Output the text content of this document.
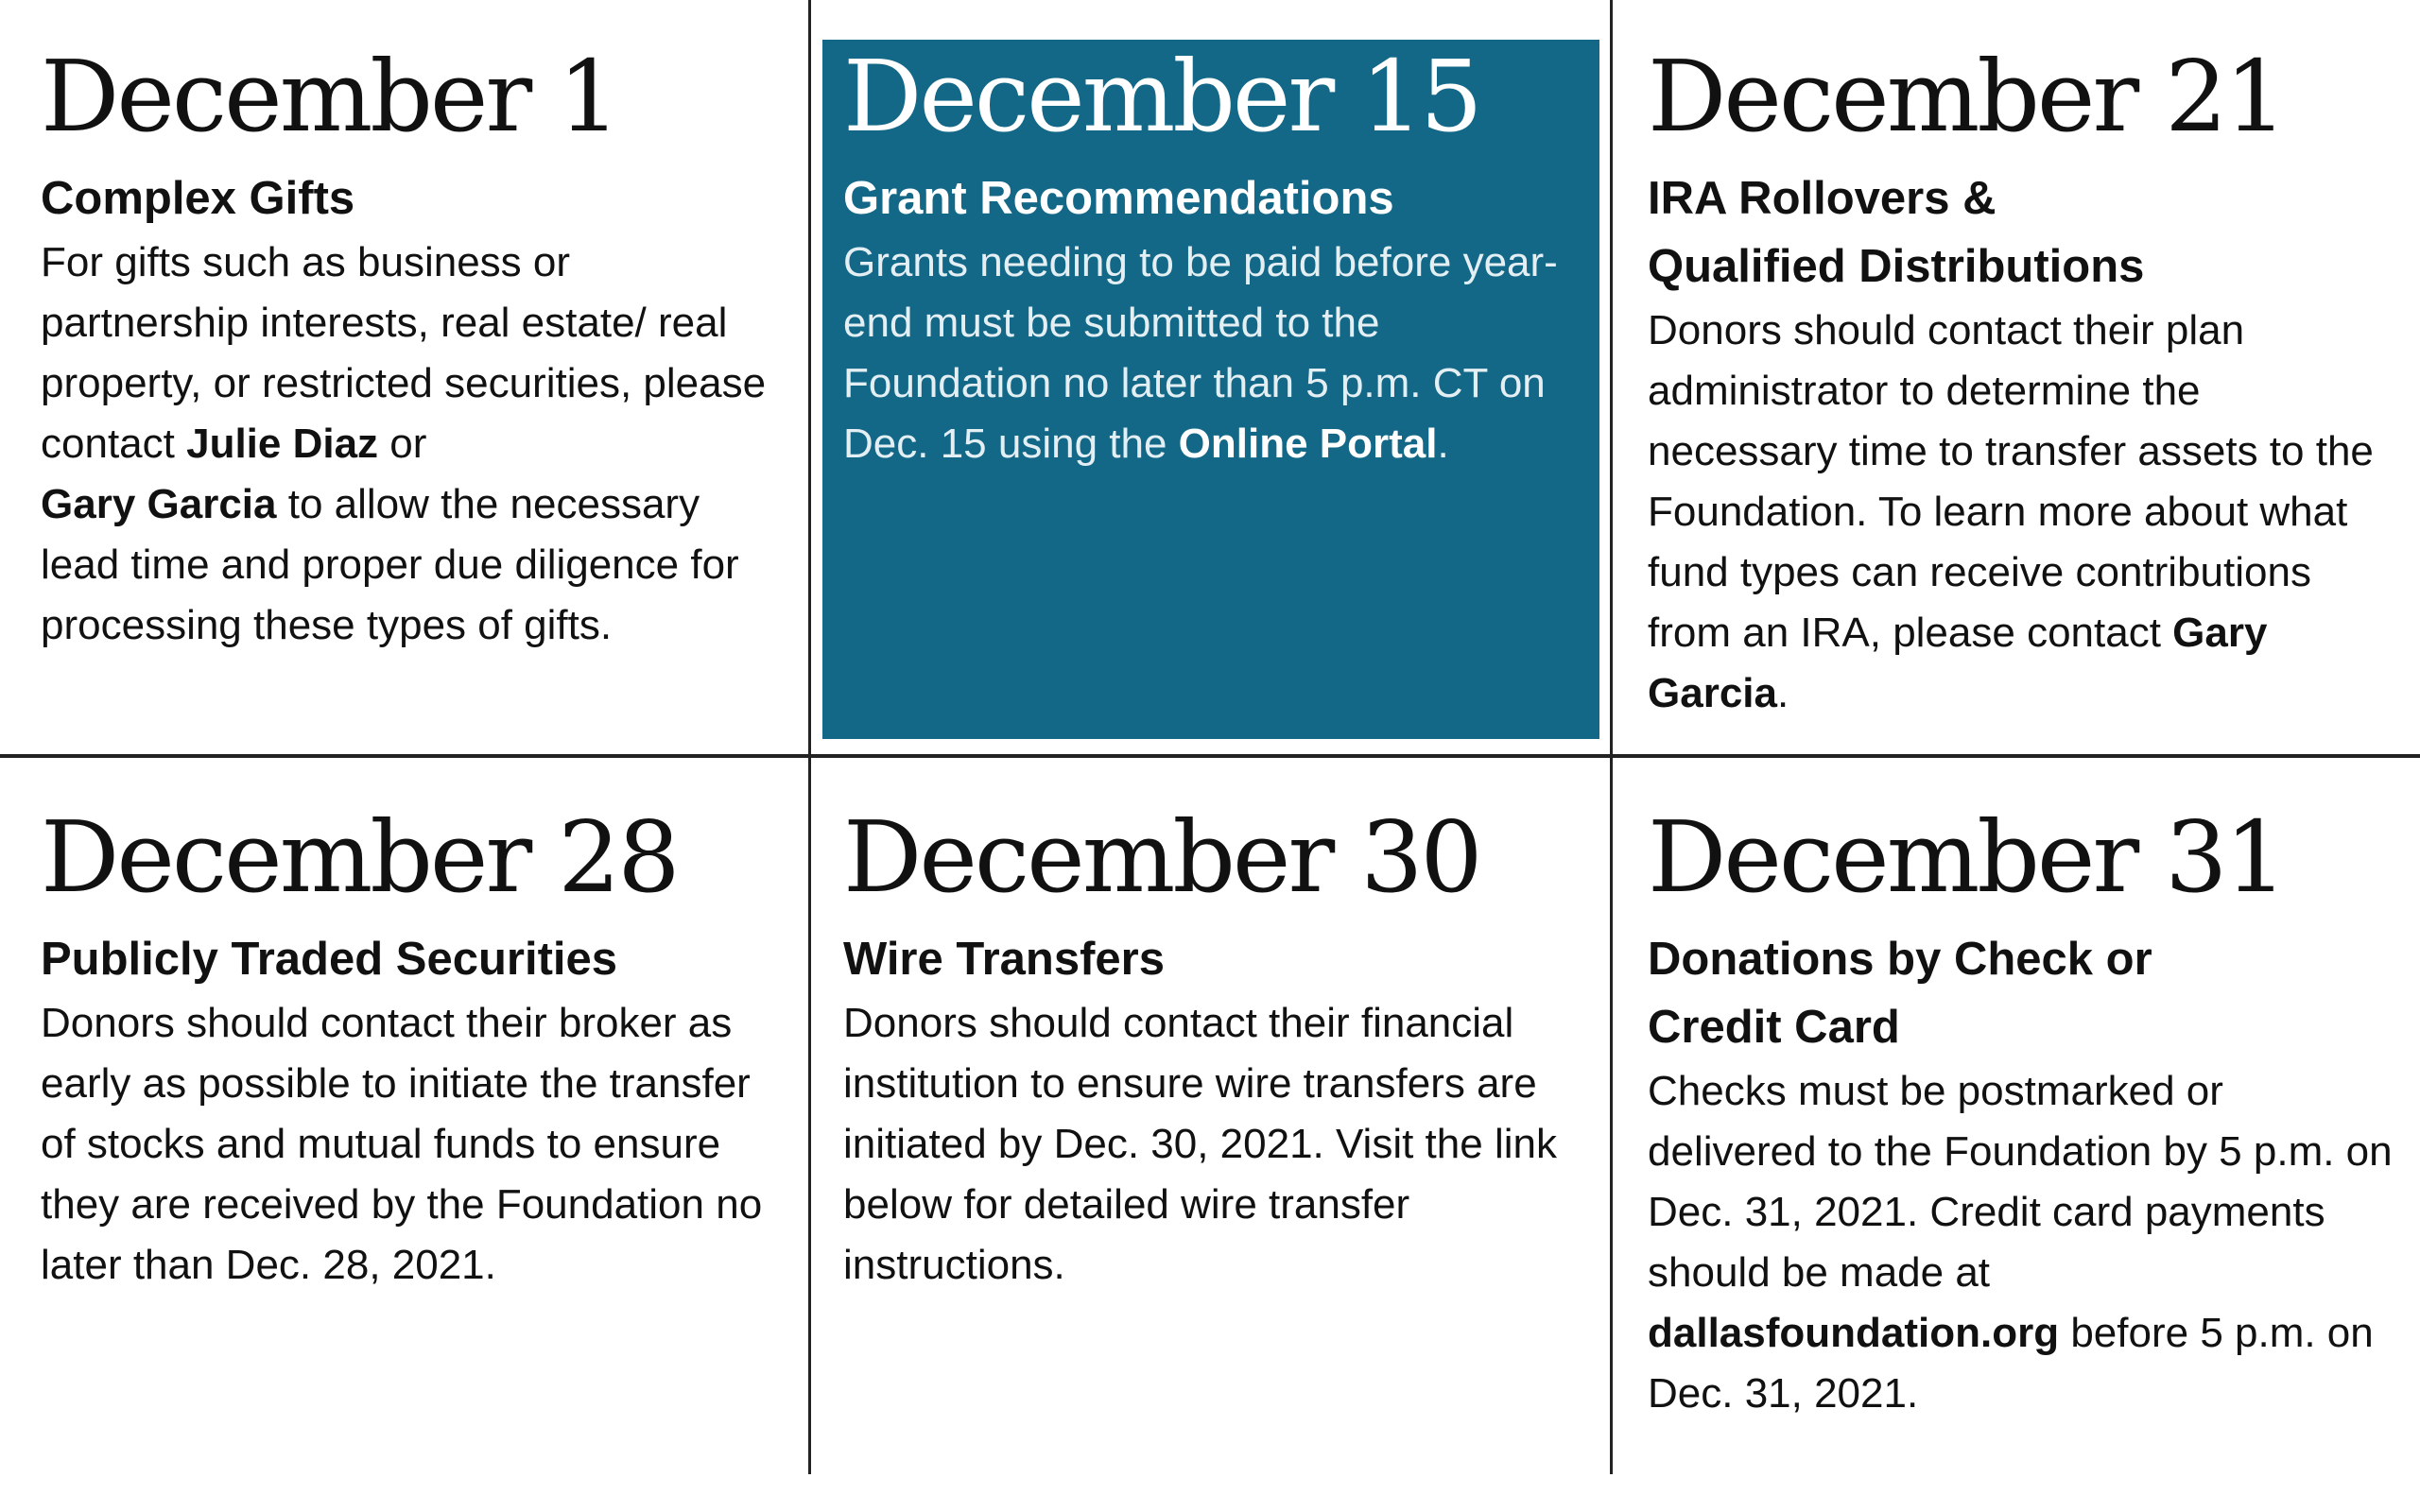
December 1
Complex Gifts

For gifts such as business or partnership interests, real estate/ real property, or restricted securities, please contact Julie Diaz or
Gary Garcia to allow the necessary lead time and proper due diligence for processing these types of gifts.

December 15
Grant Recommendations

Grants needing to be paid before year-end must be submitted to the Foundation no later than 5 p.m. CT on Dec. 15 using the Online Portal.

December 21
IRA Rollovers &
Qualified Distributions

Donors should contact their plan administrator to determine the necessary time to transfer assets to the Foundation. To learn more about what fund types can receive contributions from an IRA, please contact Gary Garcia.

December 28
Publicly Traded Securities

Donors should contact their broker as early as possible to initiate the transfer of stocks and mutual funds to ensure they are received by the Foundation no later than Dec. 28, 2021.

December 30
Wire Transfers

Donors should contact their financial institution to ensure wire transfers are initiated by Dec. 30, 2021. Visit the link below for detailed wire transfer instructions.

December 31
Donations by Check or
Credit Card

Checks must be postmarked or delivered to the Foundation by 5 p.m. on Dec. 31, 2021. Credit card payments should be made at dallasfoundation.org before 5 p.m. on Dec. 31, 2021.
